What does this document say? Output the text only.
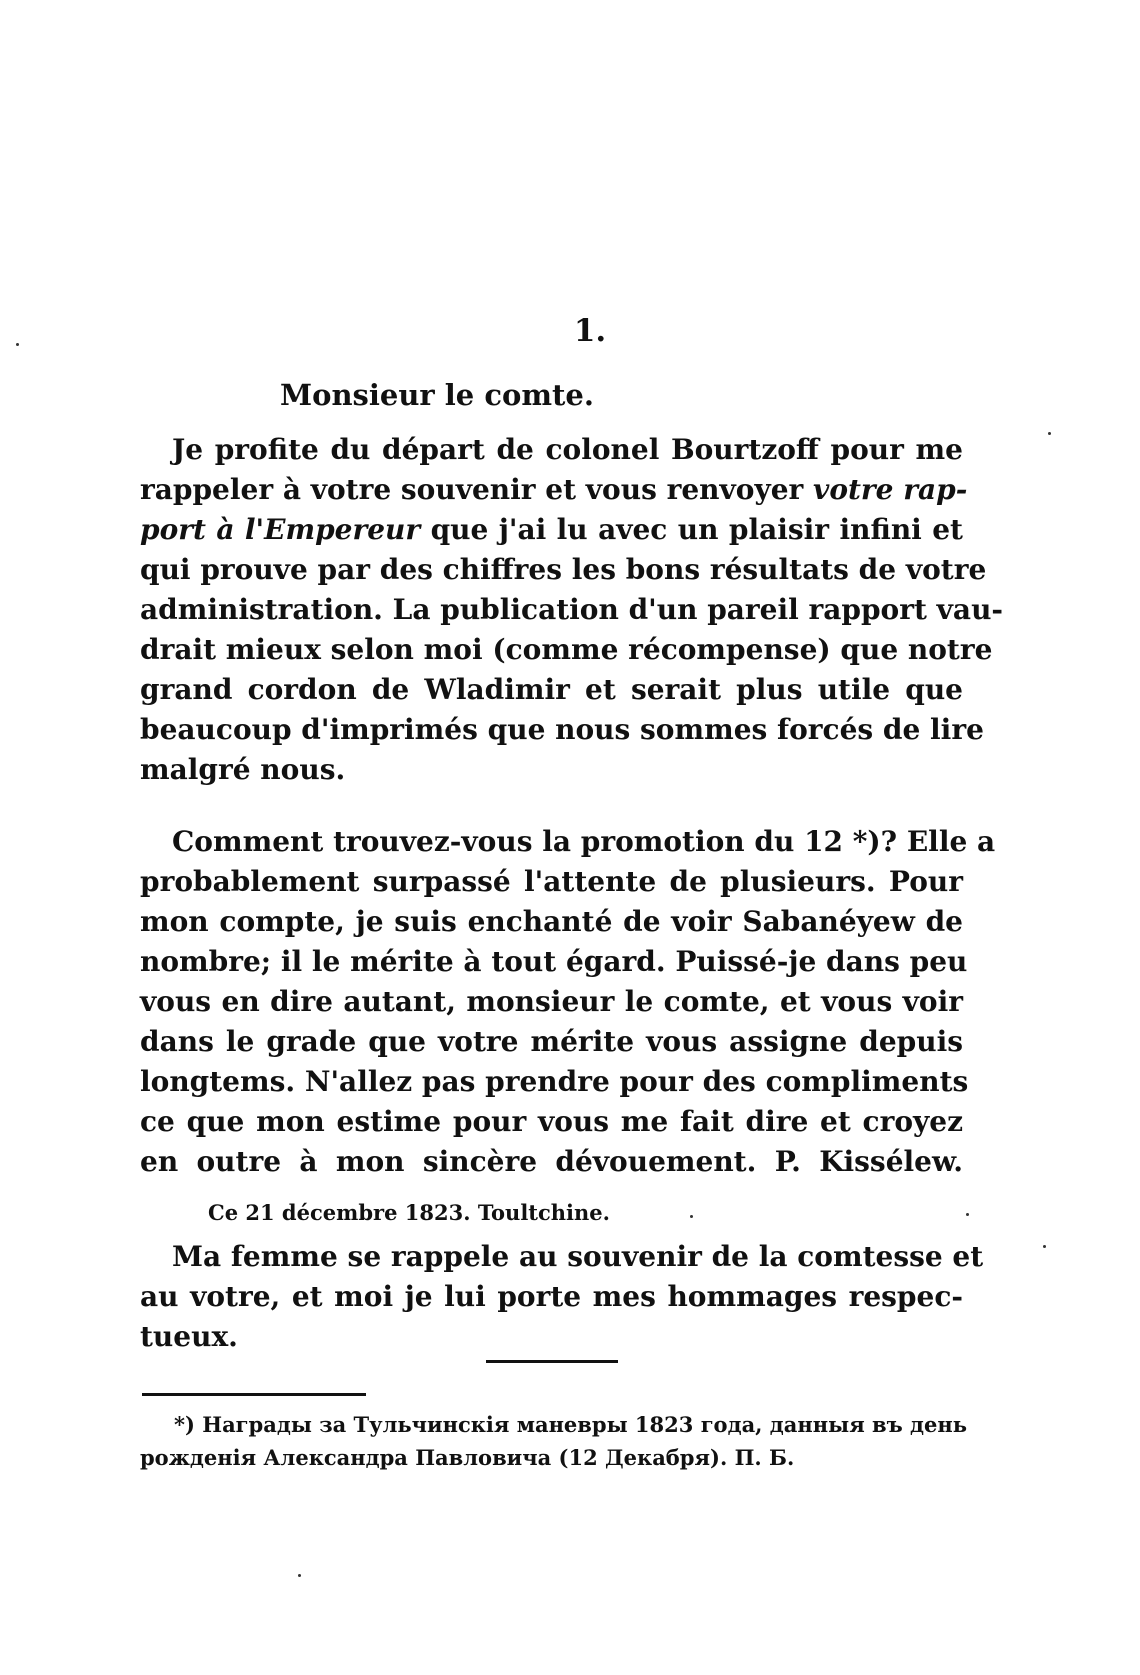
1.
Monsieur le comte.
Je profite du départ de colonel Bourtzoff pour me
rappeler à votre souvenir et vous renvoyer votre rap-
port à l'Empereur que j'ai lu avec un plaisir infini et
qui prouve par des chiffres les bons résultats de votre
administration. La publication d'un pareil rapport vau-
drait mieux selon moi (comme récompense) que notre
grand cordon de Wladimir et serait plus utile que
beaucoup d'imprimés que nous sommes forcés de lire
malgré nous.
Comment trouvez-vous la promotion du 12 *)? Elle a
probablement surpassé l'attente de plusieurs. Pour
mon compte, je suis enchanté de voir Sabanéyew de
nombre; il le mérite à tout égard. Puissé-je dans peu
vous en dire autant, monsieur le comte, et vous voir
dans le grade que votre mérite vous assigne depuis
longtems. N'allez pas prendre pour des compliments
ce que mon estime pour vous me fait dire et croyez
en outre à mon sincère dévouement. P. Kissélew.
Ce 21 décembre 1823. Toultchine.
Ma femme se rappele au souvenir de la comtesse et
au votre, et moi je lui porte mes hommages respec-
tueux.
*) Награды за Тульчинскія маневры 1823 года, данныя въ день
рожденія Александра Павловича (12 Декабря). П. Б.
